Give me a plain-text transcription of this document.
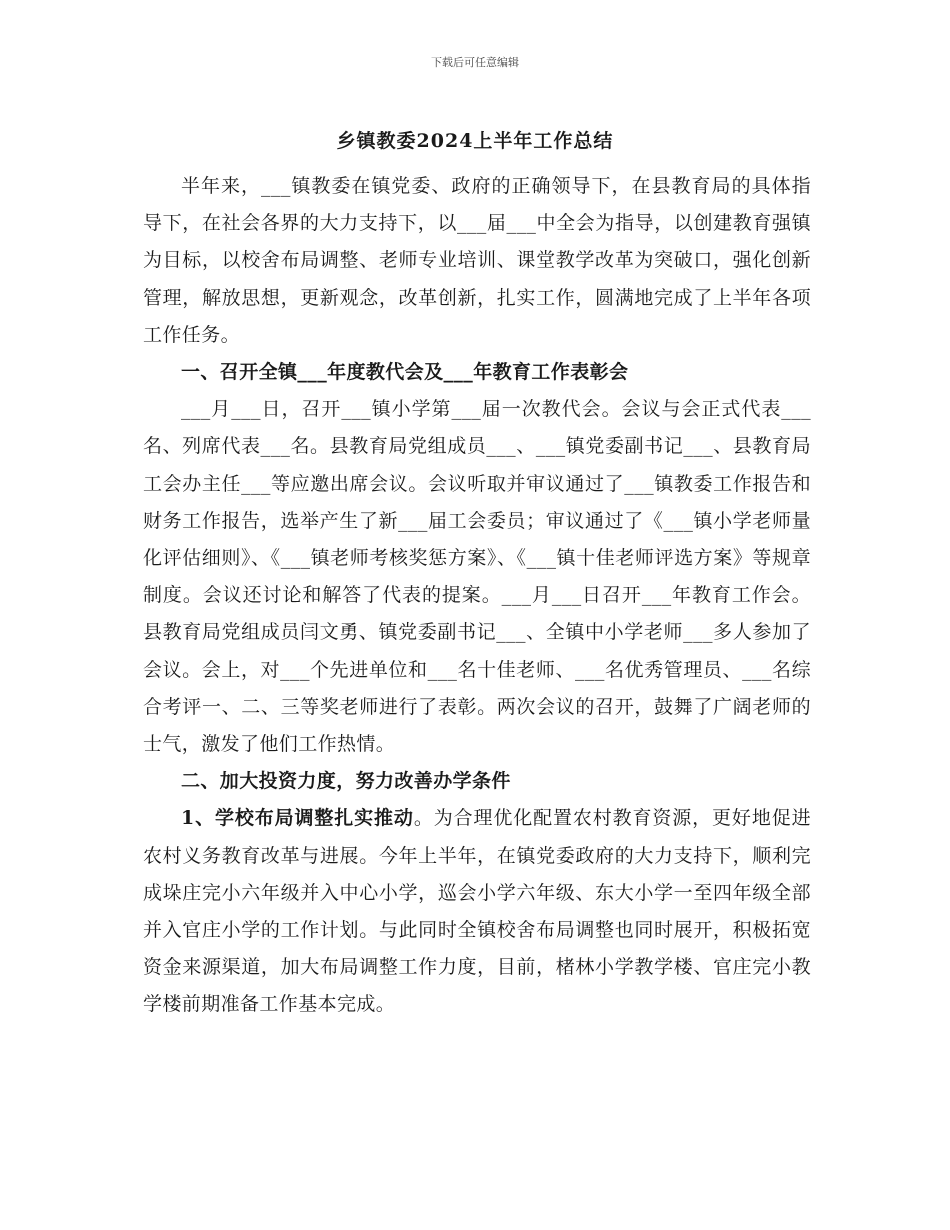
下载后可任意编辑
乡镇教委2024上半年工作总结

半年来，___镇教委在镇党委、政府的正确领导下，在县教育局的具体指导下，在社会各界的大力支持下，以___届___中全会为指导，以创建教育强镇为目标，以校舍布局调整、老师专业培训、课堂教学改革为突破口，强化创新管理，解放思想，更新观念，改革创新，扎实工作，圆满地完成了上半年各项工作任务。

一、召开全镇___年度教代会及___年教育工作表彰会

___月___日，召开___镇小学第___届一次教代会。会议与会正式代表___名、列席代表___名。县教育局党组成员___、___镇党委副书记___、县教育局工会办主任___等应邀出席会议。会议听取并审议通过了___镇教委工作报告和财务工作报告，选举产生了新___届工会委员；审议通过了《___镇小学老师量化评估细则》、《___镇老师考核奖惩方案》、《___镇十佳老师评选方案》等规章制度。会议还讨论和解答了代表的提案。___月___日召开___年教育工作会。县教育局党组成员闫文勇、镇党委副书记___、全镇中小学老师___多人参加了会议。会上，对___个先进单位和___名十佳老师、___名优秀管理员、___名综合考评一、二、三等奖老师进行了表彰。两次会议的召开，鼓舞了广阔老师的士气，激发了他们工作热情。

二、加大投资力度，努力改善办学条件

1、学校布局调整扎实推动。为合理优化配置农村教育资源，更好地促进农村义务教育改革与进展。今年上半年，在镇党委政府的大力支持下，顺利完成垛庄完小六年级并入中心小学，巡会小学六年级、东大小学一至四年级全部并入官庄小学的工作计划。与此同时全镇校舍布局调整也同时展开，积极拓宽资金来源渠道，加大布局调整工作力度，目前，楮林小学教学楼、官庄完小教学楼前期准备工作基本完成。
